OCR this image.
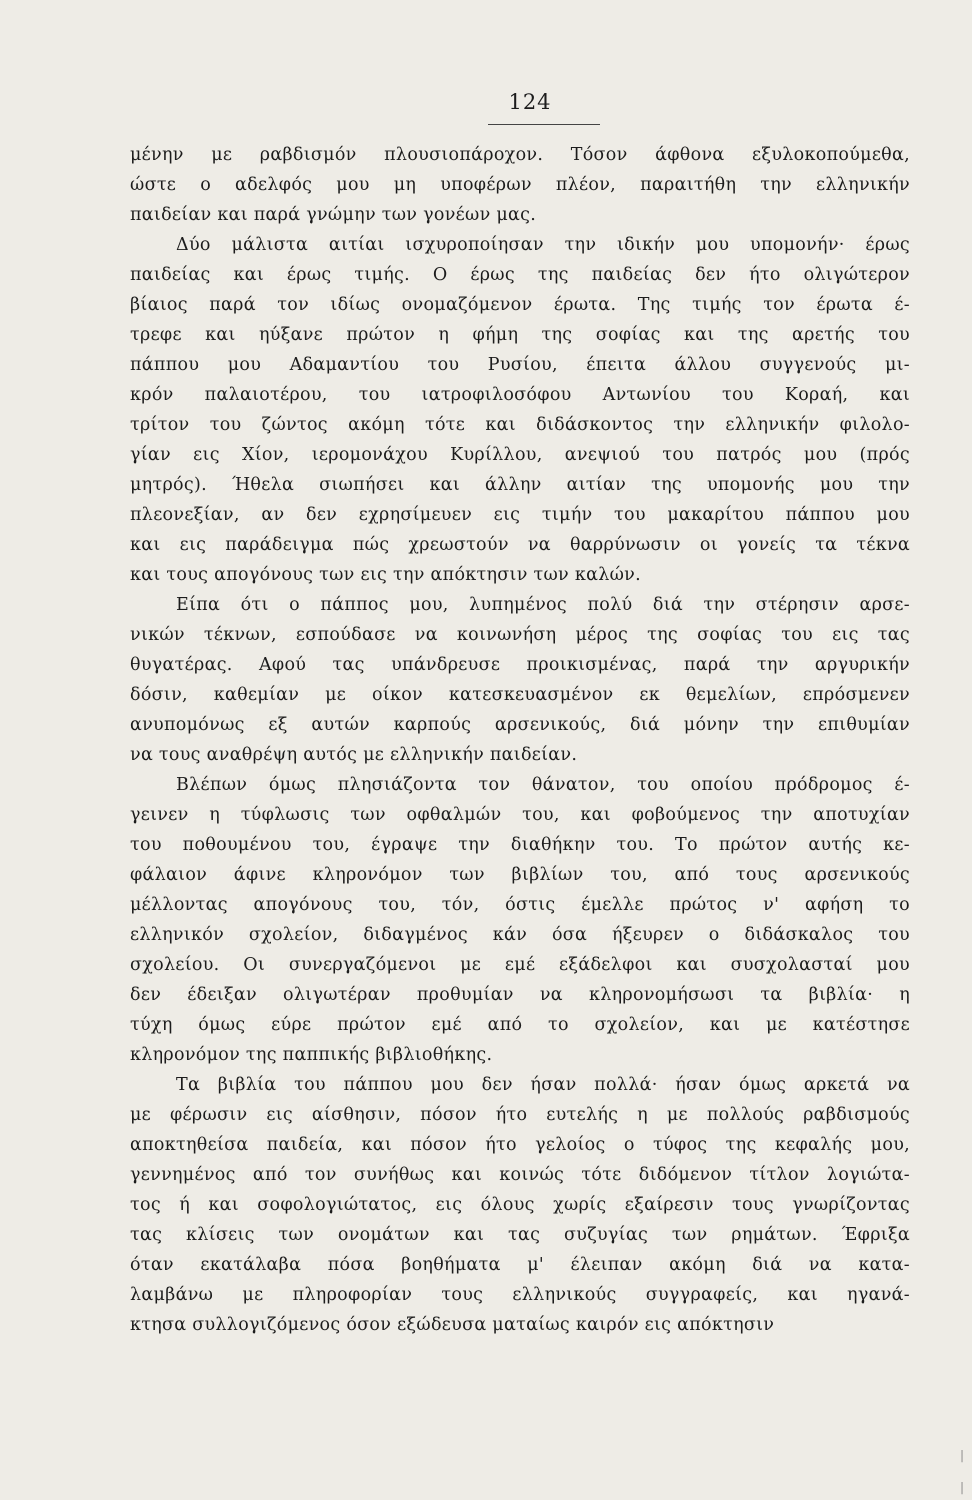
124
μένην με ραβδισμόν πλουσιοπάροχον. Τόσον άφθονα εξυλοκοπούμεθα,
ώστε ο αδελφός μου μη υποφέρων πλέον, παραιτήθη την ελληνικήν
παιδείαν και παρά γνώμην των γονέων μας.
Δύο μάλιστα αιτίαι ισχυροποίησαν την ιδικήν μου υπομονήν· έρως
παιδείας και έρως τιμής. Ο έρως της παιδείας δεν ήτο ολιγώτερον
βίαιος παρά τον ιδίως ονομαζόμενον έρωτα. Της τιμής τον έρωτα έ-
τρεφε και ηύξανε πρώτον η φήμη της σοφίας και της αρετής του
πάππου μου Αδαμαντίου του Ρυσίου, έπειτα άλλου συγγενούς μι-
κρόν παλαιοτέρου, του ιατροφιλοσόφου Αντωνίου του Κοραή, και
τρίτον του ζώντος ακόμη τότε και διδάσκοντος την ελληνικήν φιλολο-
γίαν εις Χίον, ιερομονάχου Κυρίλλου, ανεψιού του πατρός μου (πρός
μητρός). Ήθελα σιωπήσει και άλλην αιτίαν της υπομονής μου την
πλεονεξίαν, αν δεν εχρησίμευεν εις τιμήν του μακαρίτου πάππου μου
και εις παράδειγμα πώς χρεωστούν να θαρρύνωσιν οι γονείς τα τέκνα
και τους απογόνους των εις την απόκτησιν των καλών.
Είπα ότι ο πάππος μου, λυπημένος πολύ διά την στέρησιν αρσε-
νικών τέκνων, εσπούδασε να κοινωνήση μέρος της σοφίας του εις τας
θυγατέρας. Αφού τας υπάνδρευσε προικισμένας, παρά την αργυρικήν
δόσιν, καθεμίαν με οίκον κατεσκευασμένον εκ θεμελίων, επρόσμενεν
ανυπομόνως εξ αυτών καρπούς αρσενικούς, διά μόνην την επιθυμίαν
να τους αναθρέψη αυτός με ελληνικήν παιδείαν.
Βλέπων όμως πλησιάζοντα τον θάνατον, του οποίου πρόδρομος έ-
γεινεν η τύφλωσις των οφθαλμών του, και φοβούμενος την αποτυχίαν
του ποθουμένου του, έγραψε την διαθήκην του. Το πρώτον αυτής κε-
φάλαιον άφινε κληρονόμον των βιβλίων του, από τους αρσενικούς
μέλλοντας απογόνους του, τόν, όστις έμελλε πρώτος ν' αφήση το
ελληνικόν σχολείον, διδαγμένος κάν όσα ήξευρεν ο διδάσκαλος του
σχολείου. Οι συνεργαζόμενοι με εμέ εξάδελφοι και συσχολασταί μου
δεν έδειξαν ολιγωτέραν προθυμίαν να κληρονομήσωσι τα βιβλία· η
τύχη όμως εύρε πρώτον εμέ από το σχολείον, και με κατέστησε
κληρονόμον της παππικής βιβλιοθήκης.
Τα βιβλία του πάππου μου δεν ήσαν πολλά· ήσαν όμως αρκετά να
με φέρωσιν εις αίσθησιν, πόσον ήτο ευτελής η με πολλούς ραβδισμούς
αποκτηθείσα παιδεία, και πόσον ήτο γελοίος ο τύφος της κεφαλής μου,
γεννημένος από τον συνήθως και κοινώς τότε διδόμενον τίτλον λογιώτα-
τος ή και σοφολογιώτατος, εις όλους χωρίς εξαίρεσιν τους γνωρίζοντας
τας κλίσεις των ονομάτων και τας συζυγίας των ρημάτων. Έφριξα
όταν εκατάλαβα πόσα βοηθήματα μ' έλειπαν ακόμη διά να κατα-
λαμβάνω με πληροφορίαν τους ελληνικούς συγγραφείς, και ηγανά-
κτησα συλλογιζόμενος όσον εξώδευσα ματαίως καιρόν εις απόκτησιν
|
|
